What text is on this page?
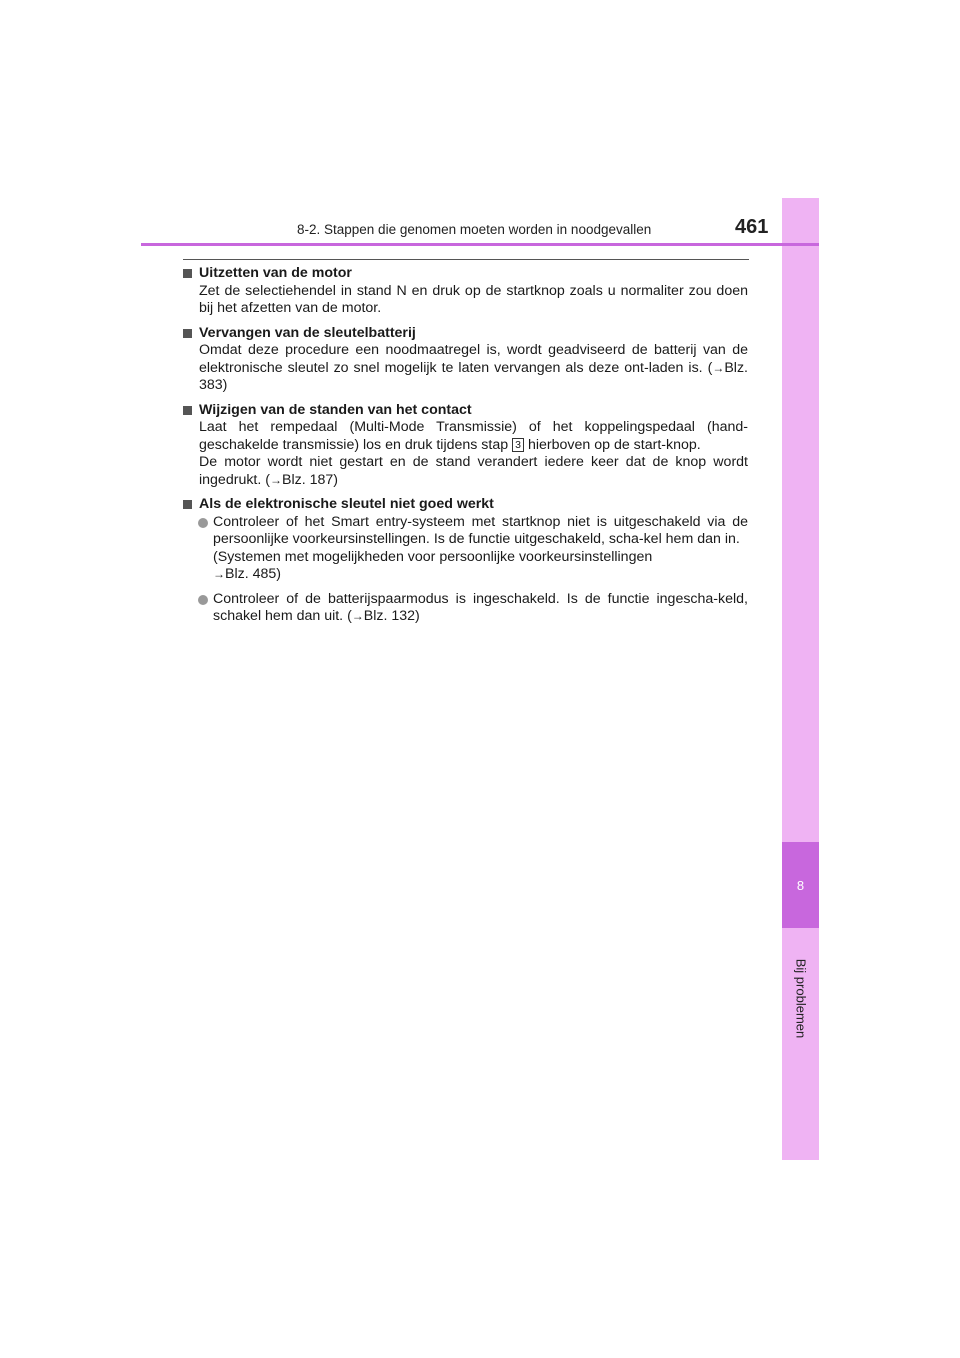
8
Bij problemen
8-2. Stappen die genomen moeten worden in noodgevallen	461
Uitzetten van de motor
Zet de selectiehendel in stand N en druk op de startknop zoals u normaliter zou doen bij het afzetten van de motor.
Vervangen van de sleutelbatterij
Omdat deze procedure een noodmaatregel is, wordt geadviseerd de batterij van de elektronische sleutel zo snel mogelijk te laten vervangen als deze ont-laden is. (→Blz. 383)
Wijzigen van de standen van het contact
Laat het rempedaal (Multi-Mode Transmissie) of het koppelingspedaal (hand-geschakelde transmissie) los en druk tijdens stap 3 hierboven op de start-knop.
De motor wordt niet gestart en de stand verandert iedere keer dat de knop wordt ingedrukt. (→Blz. 187)
Als de elektronische sleutel niet goed werkt
Controleer of het Smart entry-systeem met startknop niet is uitgeschakeld via de persoonlijke voorkeursinstellingen. Is de functie uitgeschakeld, scha-kel hem dan in.
(Systemen met mogelijkheden voor persoonlijke voorkeursinstellingen
→Blz. 485)
Controleer of de batterijspaarmodus is ingeschakeld. Is de functie ingescha-keld, schakel hem dan uit. (→Blz. 132)
